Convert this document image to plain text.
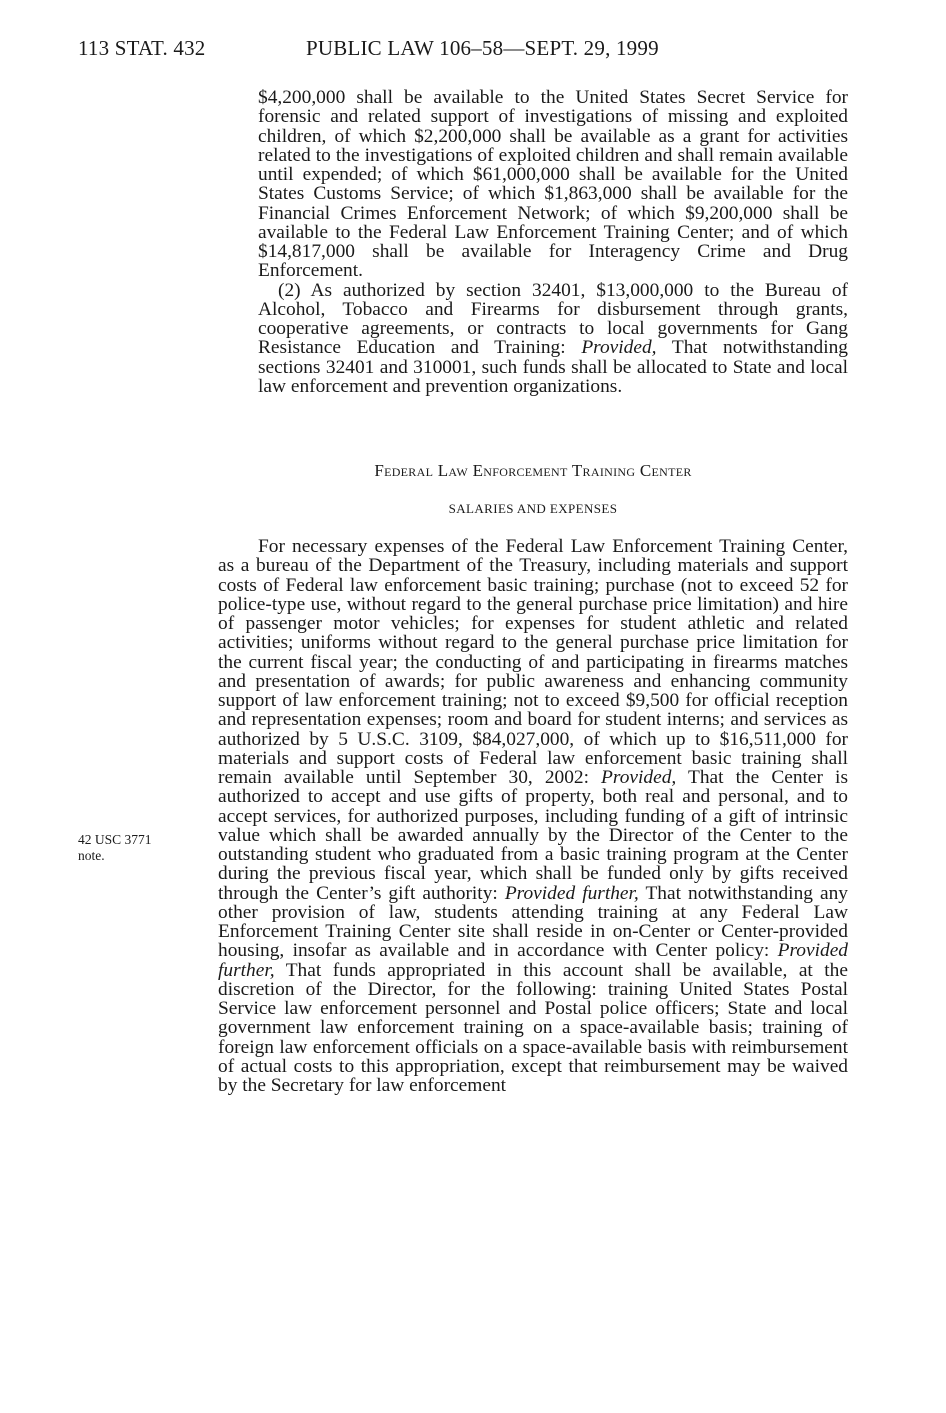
113 STAT. 432	PUBLIC LAW 106–58—SEPT. 29, 1999

$4,200,000 shall be available to the United States Secret Service for forensic and related support of investigations of missing and exploited children, of which $2,200,000 shall be available as a grant for activities related to the investigations of exploited children and shall remain available until expended; of which $61,000,000 shall be available for the United States Customs Service; of which $1,863,000 shall be available for the Financial Crimes Enforcement Network; of which $9,200,000 shall be available to the Federal Law Enforcement Training Center; and of which $14,817,000 shall be available for Interagency Crime and Drug Enforcement.

(2) As authorized by section 32401, $13,000,000 to the Bureau of Alcohol, Tobacco and Firearms for disbursement through grants, cooperative agreements, or contracts to local governments for Gang Resistance Education and Training: Provided, That notwithstanding sections 32401 and 310001, such funds shall be allocated to State and local law enforcement and prevention organizations.

Federal Law Enforcement Training Center
SALARIES AND EXPENSES
42 USC 3771
note.

For necessary expenses of the Federal Law Enforcement Training Center, as a bureau of the Department of the Treasury, including materials and support costs of Federal law enforcement basic training; purchase (not to exceed 52 for police-type use, without regard to the general purchase price limitation) and hire of passenger motor vehicles; for expenses for student athletic and related activities; uniforms without regard to the general purchase price limitation for the current fiscal year; the conducting of and participating in firearms matches and presentation of awards; for public awareness and enhancing community support of law enforcement training; not to exceed $9,500 for official reception and representation expenses; room and board for student interns; and services as authorized by 5 U.S.C. 3109, $84,027,000, of which up to $16,511,000 for materials and support costs of Federal law enforcement basic training shall remain available until September 30, 2002: Provided, That the Center is authorized to accept and use gifts of property, both real and personal, and to accept services, for authorized purposes, including funding of a gift of intrinsic value which shall be awarded annually by the Director of the Center to the outstanding student who graduated from a basic training program at the Center during the previous fiscal year, which shall be funded only by gifts received through the Center’s gift authority: Provided further, That notwithstanding any other provision of law, students attending training at any Federal Law Enforcement Training Center site shall reside in on-Center or Center-provided housing, insofar as available and in accordance with Center policy: Provided further, That funds appropriated in this account shall be available, at the discretion of the Director, for the following: training United States Postal Service law enforcement personnel and Postal police officers; State and local government law enforcement training on a space-available basis; training of foreign law enforcement officials on a space-available basis with reimbursement of actual costs to this appropriation, except that reimbursement may be waived by the Secretary for law enforcement
